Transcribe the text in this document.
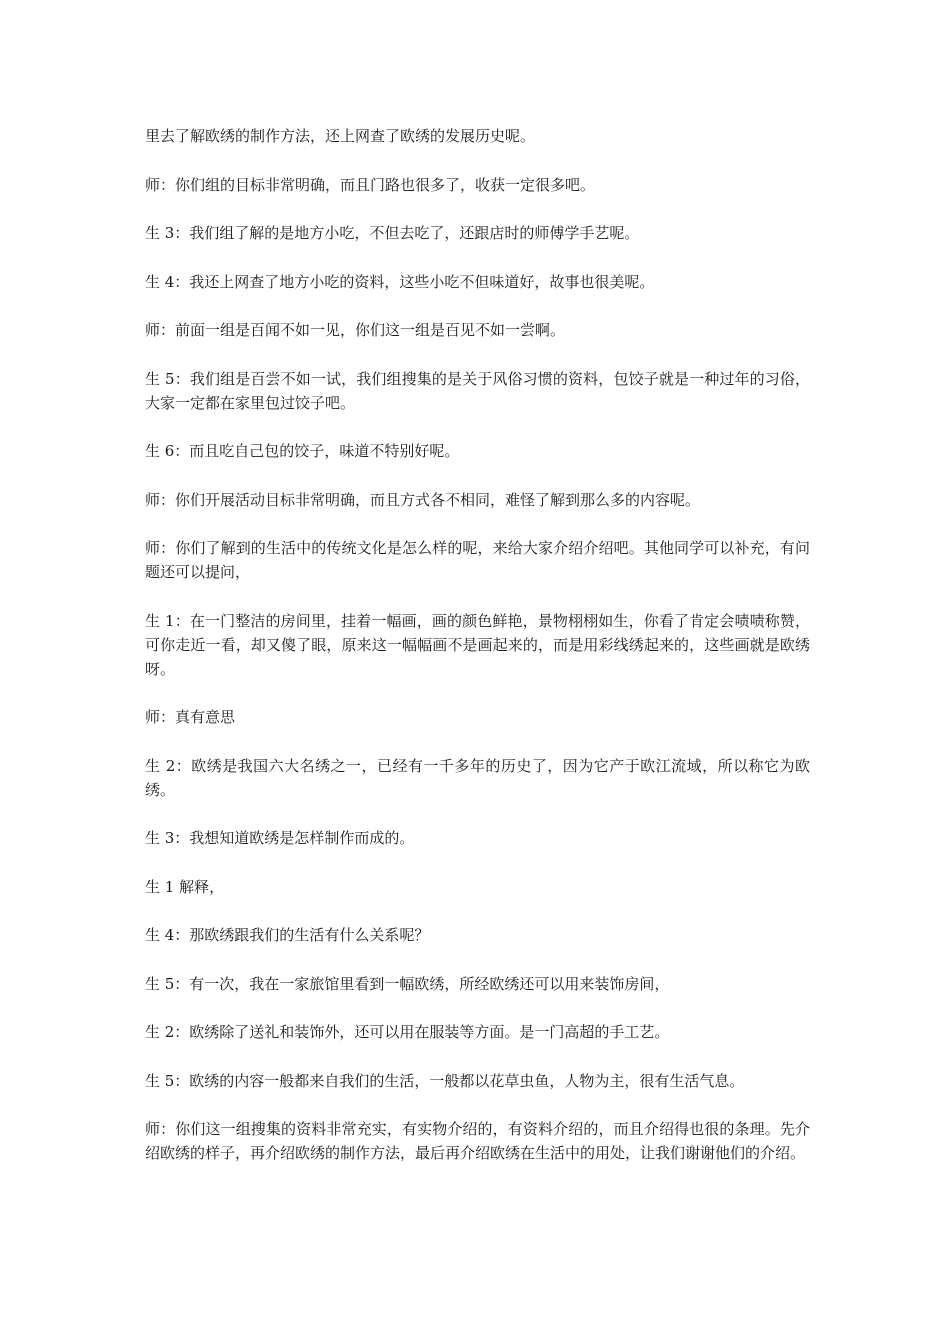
里去了解欧绣的制作方法，还上网查了欧绣的发展历史呢。

师：你们组的目标非常明确，而且门路也很多了，收获一定很多吧。

生 3：我们组了解的是地方小吃，不但去吃了，还跟店时的师傅学手艺呢。

生 4：我还上网查了地方小吃的资料，这些小吃不但味道好，故事也很美呢。

师：前面一组是百闻不如一见，你们这一组是百见不如一尝啊。

生 5：我们组是百尝不如一试，我们组搜集的是关于风俗习惯的资料，包饺子就是一种过年的习俗，大家一定都在家里包过饺子吧。

生 6：而且吃自己包的饺子，味道不特别好呢。

师：你们开展活动目标非常明确，而且方式各不相同，难怪了解到那么多的内容呢。

师：你们了解到的生活中的传统文化是怎么样的呢，来给大家介绍介绍吧。其他同学可以补充，有问题还可以提问，

生 1：在一门整洁的房间里，挂着一幅画，画的颜色鲜艳，景物栩栩如生，你看了肯定会啧啧称赞，可你走近一看，却又傻了眼，原来这一幅幅画不是画起来的，而是用彩线绣起来的，这些画就是欧绣呀。

师：真有意思

生 2：欧绣是我国六大名绣之一，已经有一千多年的历史了，因为它产于欧江流域，所以称它为欧绣。

生 3：我想知道欧绣是怎样制作而成的。

生 1 解释，

生 4：那欧绣跟我们的生活有什么关系呢？

生 5：有一次，我在一家旅馆里看到一幅欧绣，所经欧绣还可以用来装饰房间，

生 2：欧绣除了送礼和装饰外，还可以用在服装等方面。是一门高超的手工艺。

生 5：欧绣的内容一般都来自我们的生活，一般都以花草虫鱼，人物为主，很有生活气息。

师：你们这一组搜集的资料非常充实，有实物介绍的，有资料介绍的，而且介绍得也很的条理。先介绍欧绣的样子，再介绍欧绣的制作方法，最后再介绍欧绣在生活中的用处，让我们谢谢他们的介绍。
